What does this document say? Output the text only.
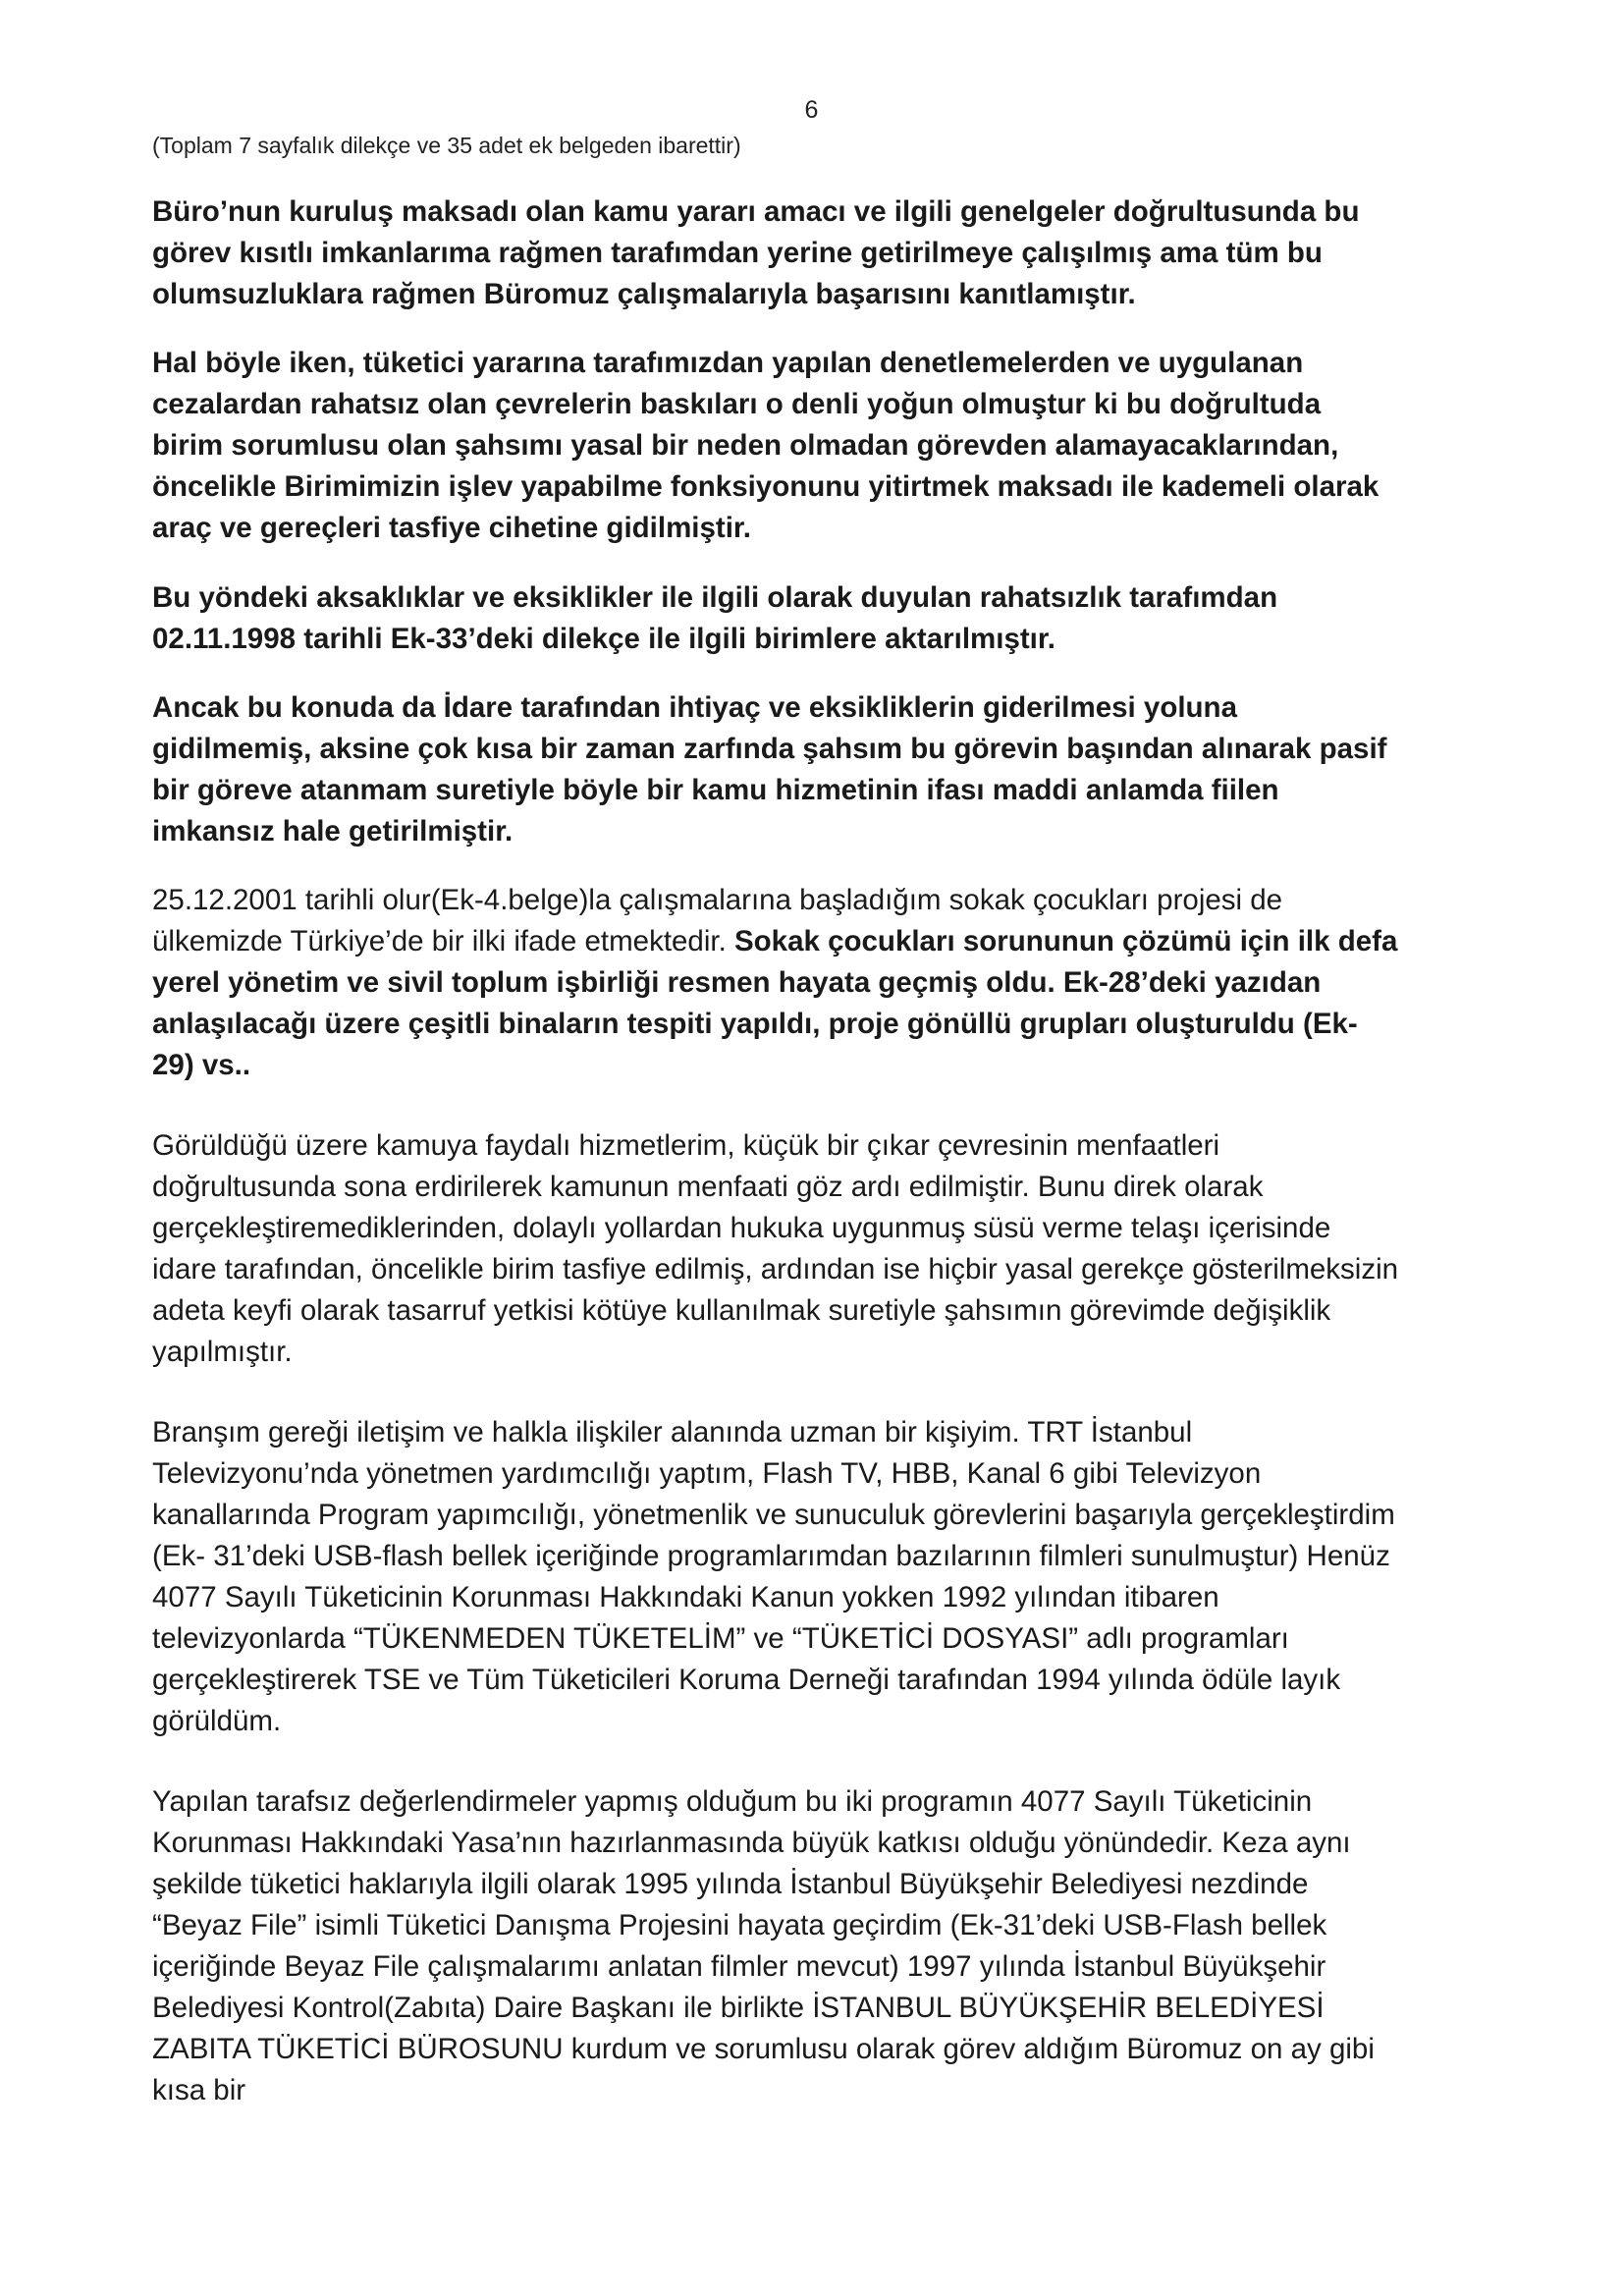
6
(Toplam 7 sayfalık dilekçe ve 35 adet ek belgeden ibarettir)

Büro’nun kuruluş maksadı olan kamu yararı amacı ve ilgili genelgeler doğrultusunda bu görev kısıtlı imkanlarıma rağmen tarafımdan yerine getirilmeye çalışılmış ama tüm bu olumsuzluklara rağmen Büromuz çalışmalarıyla başarısını kanıtlamıştır.

Hal böyle iken, tüketici yararına tarafımızdan yapılan denetlemelerden ve uygulanan cezalardan rahatsız olan çevrelerin baskıları o denli yoğun olmuştur ki bu doğrultuda birim sorumlusu olan şahsımı yasal bir neden olmadan görevden alamayacaklarından, öncelikle Birimimizin işlev yapabilme fonksiyonunu yitirtmek maksadı ile kademeli olarak araç ve gereçleri tasfiye cihetine gidilmiştir.

Bu yöndeki aksaklıklar ve eksiklikler ile ilgili olarak duyulan rahatsızlık tarafımdan 02.11.1998 tarihli Ek-33’deki dilekçe ile ilgili birimlere aktarılmıştır.

Ancak bu konuda da İdare tarafından ihtiyaç ve eksikliklerin giderilmesi yoluna gidilmemiş, aksine çok kısa bir zaman zarfında şahsım bu görevin başından alınarak pasif bir göreve atanmam suretiyle böyle bir kamu hizmetinin ifası maddi anlamda fiilen imkansız hale getirilmiştir.

25.12.2001 tarihli olur(Ek-4.belge)la çalışmalarına başladığım sokak çocukları projesi de ülkemizde Türkiye’de bir ilki ifade etmektedir. Sokak çocukları sorununun çözümü için ilk defa yerel yönetim ve sivil toplum işbirliği resmen hayata geçmiş oldu. Ek-28’deki yazıdan anlaşılacağı üzere çeşitli binaların tespiti yapıldı, proje gönüllü grupları oluşturuldu (Ek-29) vs..

Görüldüğü üzere kamuya faydalı hizmetlerim, küçük bir çıkar çevresinin menfaatleri doğrultusunda sona erdirilerek kamunun menfaati göz ardı edilmiştir. Bunu direk olarak gerçekleştiremediklerinden, dolaylı yollardan hukuka uygunmuş süsü verme telaşı içerisinde idare tarafından, öncelikle birim tasfiye edilmiş, ardından ise hiçbir yasal gerekçe gösterilmeksizin adeta keyfi olarak tasarruf yetkisi kötüye kullanılmak suretiyle şahsımın görevimde değişiklik yapılmıştır.

Branşım gereği iletişim ve halkla ilişkiler alanında uzman bir kişiyim. TRT İstanbul Televizyonu’nda yönetmen yardımcılığı yaptım, Flash TV, HBB, Kanal 6 gibi Televizyon kanallarında Program yapımcılığı, yönetmenlik ve sunuculuk görevlerini başarıyla gerçekleştirdim (Ek- 31’deki USB-flash bellek içeriğinde programlarımdan bazılarının filmleri sunulmuştur) Henüz 4077 Sayılı Tüketicinin Korunması Hakkındaki Kanun yokken 1992 yılından itibaren televizyonlarda “TÜKENMEDEN TÜKETELİM” ve “TÜKETİCİ DOSYASI” adlı programları gerçekleştirerek TSE ve Tüm Tüketicileri Koruma Derneği tarafından 1994 yılında ödüle layık görüldüm.

Yapılan tarafsız değerlendirmeler yapmış olduğum bu iki programın 4077 Sayılı Tüketicinin Korunması Hakkındaki Yasa’nın hazırlanmasında büyük katkısı olduğu yönündedir. Keza aynı şekilde tüketici haklarıyla ilgili olarak 1995 yılında İstanbul Büyükşehir Belediyesi nezdinde “Beyaz File” isimli Tüketici Danışma Projesini hayata geçirdim (Ek-31’deki USB-Flash bellek içeriğinde Beyaz File çalışmalarımı anlatan filmler mevcut) 1997 yılında İstanbul Büyükşehir Belediyesi Kontrol(Zabıta) Daire Başkanı ile birlikte İSTANBUL BÜYÜKŞEHİR BELEDİYESİ ZABITA TÜKETİCİ BÜROSUNU kurdum ve sorumlusu olarak görev aldığım Büromuz on ay gibi kısa bir
